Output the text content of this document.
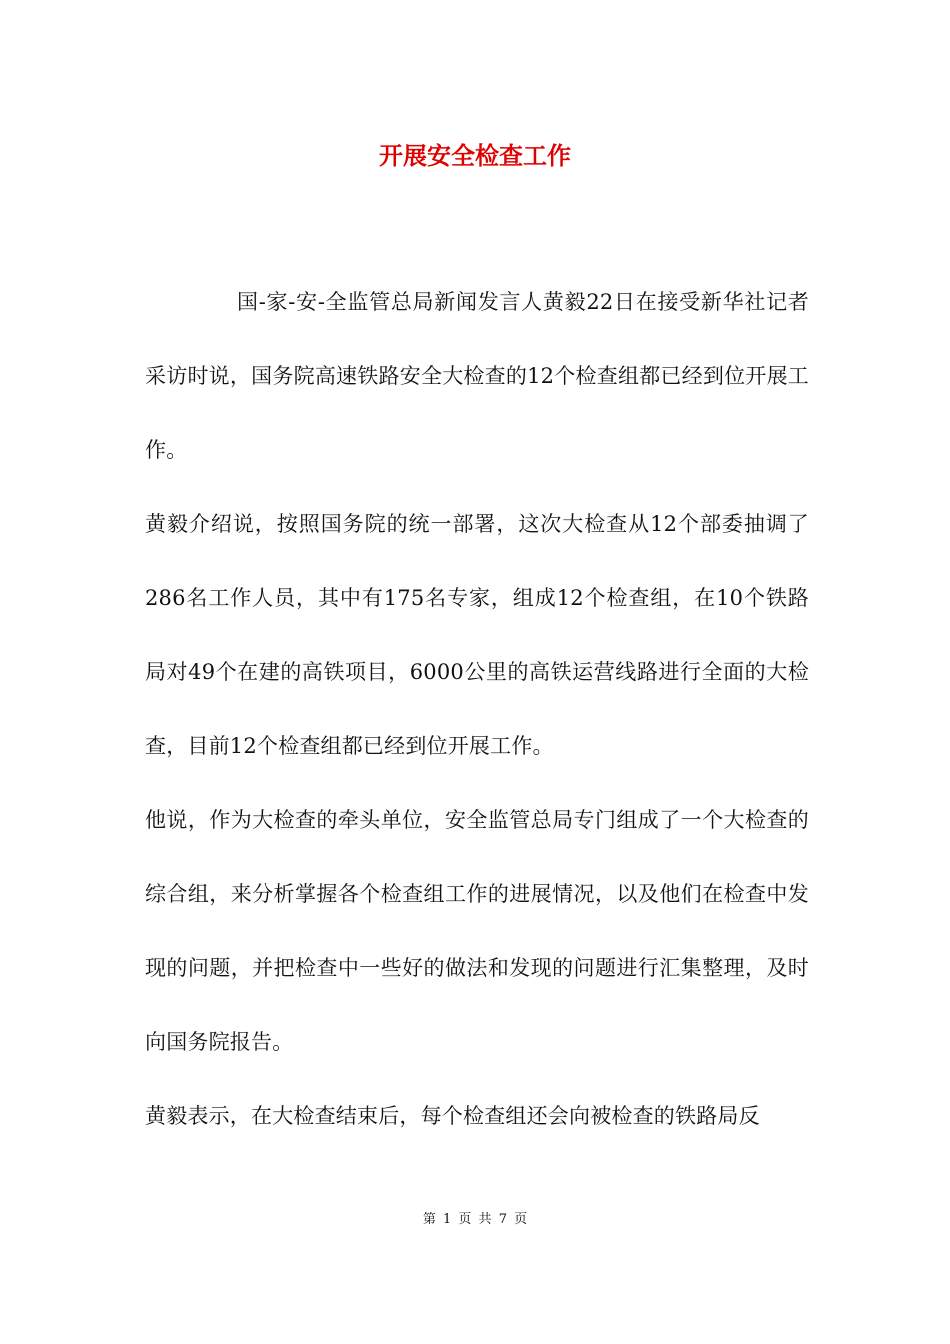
开展安全检查工作

国-家-安-全监管总局新闻发言人黄毅22日在接受新华社记者采访时说，国务院高速铁路安全大检查的12个检查组都已经到位开展工作。

黄毅介绍说，按照国务院的统一部署，这次大检查从12个部委抽调了286名工作人员，其中有175名专家，组成12个检查组，在10个铁路局对49个在建的高铁项目，6000公里的高铁运营线路进行全面的大检查，目前12个检查组都已经到位开展工作。

他说，作为大检查的牵头单位，安全监管总局专门组成了一个大检查的综合组，来分析掌握各个检查组工作的进展情况，以及他们在检查中发现的问题，并把检查中一些好的做法和发现的问题进行汇集整理，及时向国务院报告。

黄毅表示，在大检查结束后，每个检查组还会向被检查的铁路局反

第 1 页 共 7 页
